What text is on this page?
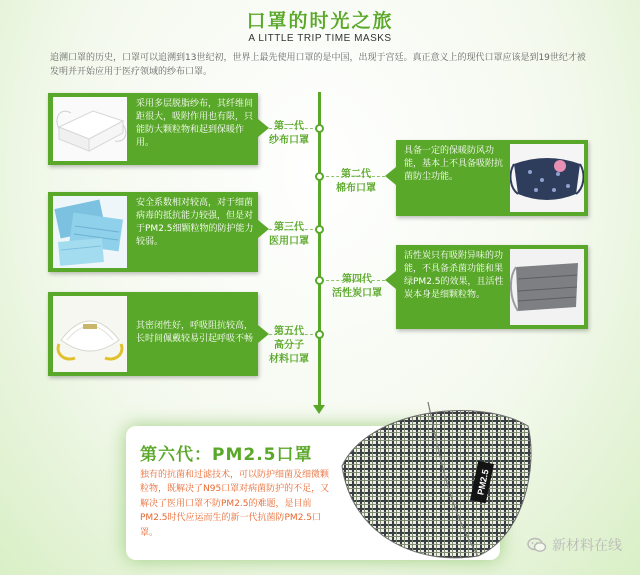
口罩的时光之旅
A LITTLE TRIP TIME MASKS
追溯口罩的历史，口罩可以追溯到13世纪初，世界上最先使用口罩的是中国，出现于宫廷。真正意义上的现代口罩应该是到19世纪才被发明并开始应用于医疗领域的纱布口罩。
采用多层脱脂纱布，其纤维间距很大，吸附作用也有限，只能防大颗粒物和起到保暖作用。
第一代
纱布口罩
具备一定的保暖防风功能，基本上不具备吸附抗菌防尘功能。
第二代
棉布口罩
安全系数相对较高，对于细菌病毒的抵抗能力较强，但是对于PM2.5细颗粒物的防护能力较弱。
第三代
医用口罩
活性炭只有吸附异味的功能，不具备杀菌功能和果绿PM2.5的效果，且活性炭本身是细颗粒物。
第四代
活性炭口罩
其密闭性好，呼吸阻抗较高，长时间佩戴较易引起呼吸不畅
第五代
高分子
材料口罩
第六代：PM2.5口罩
独有的抗菌和过滤技术，可以防护细菌及细微颗粒物，既解决了N95口罩对病菌防护的不足，又解决了医用口罩不防PM2.5的难题，是目前PM2.5时代应运而生的新一代抗菌防PM2.5口罩。
PM2.5
新材料在线
